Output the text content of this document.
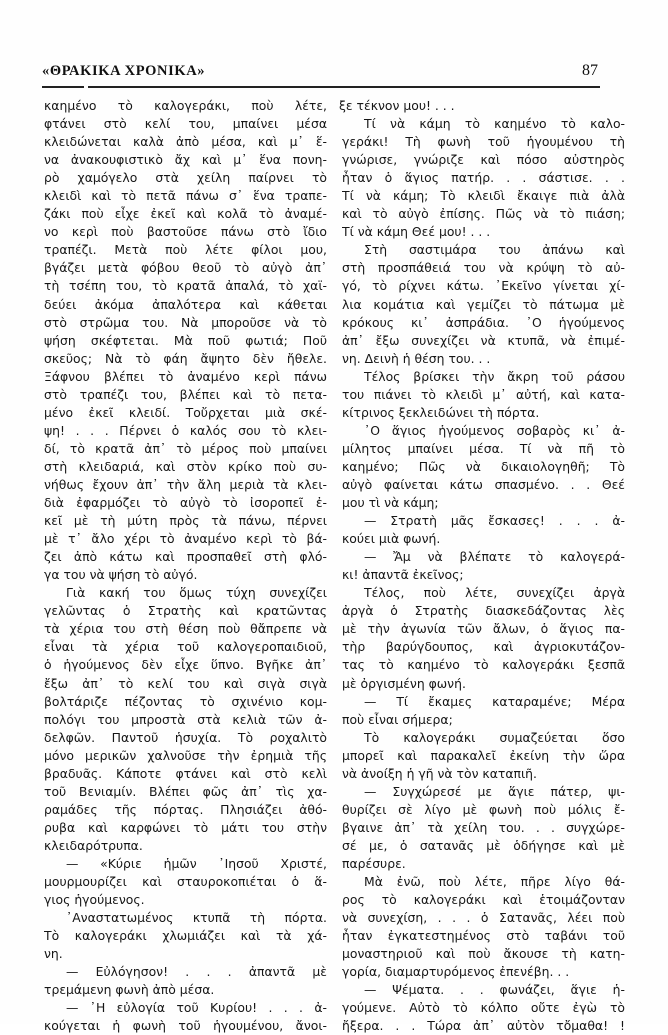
«ΘΡΑΚΙΚΑ ΧΡΟΝΙΚΑ»	87
καημένο τὸ καλογεράκι, ποὺ λέτε,
φτάνει στὸ κελί του, μπαίνει μέσα
κλειδώνεται καλὰ ἀπὸ μέσα, καὶ μ᾽ ἕ-
να ἀνακουφιστικὸ ἄχ καὶ μ᾽ ἕνα πονη-
ρὸ χαμόγελο στὰ χείλη παίρνει τὸ
κλειδὶ καὶ τὸ πετᾶ πάνω σ᾽ ἕνα τραπε-
ζάκι ποὺ εἶχε ἐκεῖ καὶ κολᾶ τὸ ἀναμέ-
νο κερὶ ποὺ βαστοῦσε πάνω στὸ ἴδιο
τραπέζι. Μετὰ ποὺ λέτε φίλοι μου,
βγάζει μετὰ φόβου θεοῦ τὸ αὐγὸ ἀπ᾽
τὴ τσέπη του, τὸ κρατᾶ ἀπαλά, τὸ χαϊ-
δεύει ἀκόμα ἀπαλότερα καὶ κάθεται
στὸ στρῶμα του. Νὰ μποροῦσε νὰ τὸ
ψήση σκέφτεται. Μὰ ποῦ φωτιά; Ποῦ
σκεῦος; Νὰ τὸ φάη ἄψητο δὲν ἤθελε.
Ξάφνου βλέπει τὸ ἀναμένο κερὶ πάνω
στὸ τραπέζι του, βλέπει καὶ τὸ πετα-
μένο ἐκεῖ κλειδί. Τοὔρχεται μιὰ σκέ-
ψη! . . . Πέρνει ὁ καλός σου τὸ κλει-
δί, τὸ κρατᾶ ἀπ᾽ τὸ μέρος ποὺ μπαίνει
στὴ κλειδαριά, καὶ στὸν κρίκο ποὺ συ-
νήθως ἔχουν ἀπ᾽ τὴν ἄλη μεριὰ τὰ κλει-
διὰ ἐφαρμόζει τὸ αὐγὸ τὸ ἰσοροπεῖ ἐ-
κεῖ μὲ τὴ μύτη πρὸς τὰ πάνω, πέρνει
μὲ τ᾽ ἄλο χέρι τὸ ἀναμένο κερὶ τὸ βά-
ζει ἀπὸ κάτω καὶ προσπαθεῖ στὴ φλό-
γα του νὰ ψήση τὸ αὐγό.
Γιὰ κακή του ὅμως τύχη συνεχίζει
γελῶντας ὁ Στρατὴς καὶ κρατῶντας
τὰ χέρια του στὴ θέση ποὺ θἄπρεπε νὰ
εἶναι τὰ χέρια τοῦ καλογεροπαιδιοῦ,
ὁ ἡγούμενος δὲν εἶχε ὕπνο. Βγῆκε ἀπ᾽
ἔξω ἀπ᾽ τὸ κελί του καὶ σιγὰ σιγὰ
βολτάριζε πέζοντας τὸ σχινένιο κομ-
πολόγι του μπροστὰ στὰ κελιὰ τῶν ἀ-
δελφῶν. Παντοῦ ἡσυχία. Τὸ ροχαλιτὸ
μόνο μερικῶν χαλνοῦσε τὴν ἐρημιὰ τῆς
βραδυᾶς. Κάποτε φτάνει καὶ στὸ κελὶ
τοῦ Βενιαμίν. Βλέπει φῶς ἀπ᾽ τὶς χα-
ραμάδες τῆς πόρτας. Πλησιάζει ἀθό-
ρυβα καὶ καρφώνει τὸ μάτι του στὴν
κλειδαρότρυπα.
— «Κύριε ἡμῶν ᾽Ιησοῦ Χριστέ,
μουρμουρίζει καὶ σταυροκοπιέται ὁ ἅ-
γιος ἡγούμενος.
᾽Αναστατωμένος κτυπᾶ τὴ πόρτα.
Τὸ καλογεράκι χλωμιάζει καὶ τὰ χά-
νη.
— Εὐλόγησον! . . . ἀπαντᾶ μὲ
τρεμάμενη φωνὴ ἀπὸ μέσα.
— ᾽Η εὐλογία τοῦ Κυρίου! . . . ἀ-
κούγεται ἡ φωνὴ τοῦ ἡγουμένου, ἄνοι-
ξε τέκνον μου! . . .
Τί νὰ κάμη τὸ καημένο τὸ καλο-
γεράκι! Τὴ φωνὴ τοῦ ἡγουμένου τὴ
γνώρισε, γνώριζε καὶ πόσο αὐστηρὸς
ἦταν ὁ ἅγιος πατήρ. . . σάστισε. . .
Τί νὰ κάμη; Τὸ κλειδὶ ἔκαιγε πιὰ ἀλὰ
καὶ τὸ αὐγὸ ἐπίσης. Πῶς νὰ τὸ πιάση;
Τί νὰ κάμη Θεέ μου! . . .
Στὴ σαστιμάρα του ἀπάνω καὶ
στὴ προσπάθειά του νὰ κρύψη τὸ αὐ-
γό, τὸ ρίχνει κάτω. ᾽Εκεῖνο γίνεται χί-
λια κομάτια καὶ γεμίζει τὸ πάτωμα μὲ
κρόκους κι᾽ ἀσπράδια. ᾽Ο ἡγούμενος
ἀπ᾽ ἔξω συνεχίζει νὰ κτυπᾶ, νὰ ἐπιμέ-
νη. Δεινὴ ἡ θέση του. . .
Τέλος βρίσκει τὴν ἄκρη τοῦ ράσου
του πιάνει τὸ κλειδὶ μ᾽ αὐτή, καὶ κατα-
κίτρινος ξεκλειδώνει τὴ πόρτα.
᾽Ο ἅγιος ἡγούμενος σοβαρὸς κι᾽ ἀ-
μίλητος μπαίνει μέσα. Τί νὰ πῆ τὸ
καημένο; Πῶς νὰ δικαιολογηθῆ; Τὸ
αὐγὸ φαίνεται κάτω σπασμένο. . . Θεέ
μου τὶ νὰ κάμη;
— Στρατὴ μᾶς ἔσκασες! . . . ἀ-
κούει μιὰ φωνή.
— Ἄμ νὰ βλέπατε τὸ καλογερά-
κι! ἀπαντᾶ ἐκεῖνος;
Τέλος, ποὺ λέτε, συνεχίζει ἀργὰ
ἀργὰ ὁ Στρατὴς διασκεδάζοντας λὲς
μὲ τὴν ἀγωνία τῶν ἄλων, ὁ ἅγιος πα-
τὴρ βαρύγδουπος, καὶ ἀγριοκυτάζον-
τας τὸ καημένο τὸ καλογεράκι ξεσπᾶ
μὲ ὀργισμένη φωνή.
— Τί ἔκαμες καταραμένε; Μέρα
ποὺ εἶναι σήμερα;
Τὸ καλογεράκι συμαζεύεται ὅσο
μπορεῖ καὶ παρακαλεῖ ἐκείνη τὴν ὥρα
νὰ ἀνοίξη ἡ γῆ νὰ τὸν καταπιῆ.
— Συγχώρεσέ με ἅγιε πάτερ, ψι-
θυρίζει σὲ λίγο μὲ φωνὴ ποὺ μόλις ἔ-
βγαινε ἀπ᾽ τὰ χείλη του. . . συγχώρε-
σέ με, ὁ σατανᾶς μὲ ὁδήγησε καὶ μὲ
παρέσυρε.
Μὰ ἐνῶ, ποὺ λέτε, πῆρε λίγο θά-
ρος τὸ καλογεράκι καὶ ἑτοιμάζονταν
νὰ συνεχίση, . . . ὁ Σατανᾶς, λέει ποὺ
ἦταν ἐγκατεστημένος στὸ ταβάνι τοῦ
μοναστηριοῦ καὶ ποὺ ἄκουσε τὴ κατη-
γορία, διαμαρτυρόμενος ἐπενέβη. . .
— Ψέματα. . . φωνάζει, ἅγιε ἡ-
γούμενε. Αὐτὸ τὸ κόλπο οὔτε ἐγὼ τὸ
ἤξερα. . . Τώρα ἀπ᾽ αὐτὸν τὄμαθα! !
